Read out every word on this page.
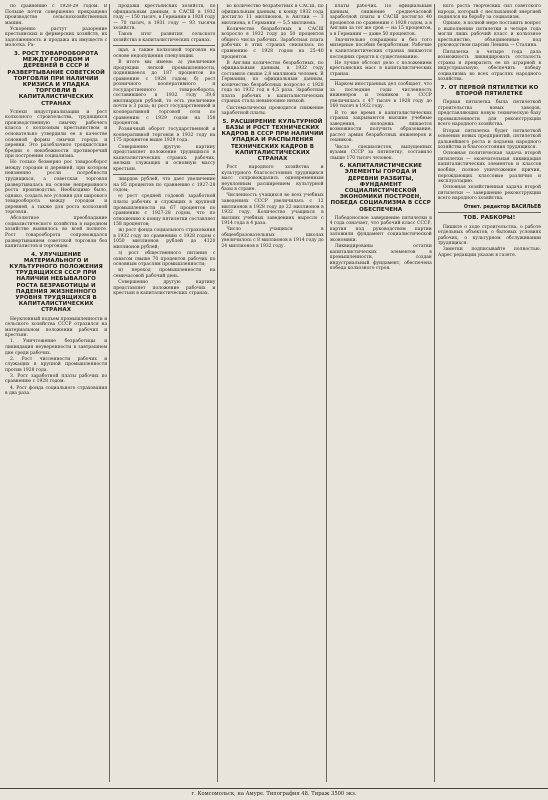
по сравнению с 1928-29 годом. В Польше почти совершенно прекращено производство сельскохозяйственных машин.

Ускоренно растут разорение крестьянских и фермерских хозяйств, их задолженность и продажа их имуществ с молотка. Ра-

3. РОСТ ТОВАРООБОРОТА МЕЖДУ ГОРОДОМ И ДЕРЕВНЕЙ В СССР И РАЗВЕРТЫВАНИЕ СОВЕТСКОЙ ТОРГОВЛИ ПРИ НАЛИЧИИ КРИЗИСА И УПАДКА ТОРГОВЛИ В КАПИТАЛИСТИЧЕСКИХ СТРАНАХ

Успехи индустриализации и рост колхозного строительства, трудящихся производственную смычку рабочего класса с колхозным крестьянством и основательно утвердили ее в качестве основной формы смычки города и деревни. Это разоблачило троцкистские бредни о неизбежности противоречий при построении социализма.

Но только безмерно рос товарооборот между городом и деревней, при котором неизменно росли потребности трудящихся, а советская торговля развертывалась на основе непрерывного роста производства. Необходимо было, однако, создать все условия для широкого товарооборота между городом и деревней, а также для роста колхозной торговли.

Абсолютное преобладание социалистического хозяйства в народном хозяйстве выявилось во всей полноте. Рост товарооборота сопровождался развертыванием советской торговли без капиталистов и торговцев.

4. УЛУЧШЕНИЕ МАТЕРИАЛЬНОГО И КУЛЬТУРНОГО ПОЛОЖЕНИЯ ТРУДЯЩИХСЯ СССР ПРИ НАЛИЧИИ НЕБЫВАЛОГО РОСТА БЕЗРАБОТИЦЫ И ПАДЕНИЯ ЖИЗНЕННОГО УРОВНЯ ТРУДЯЩИХСЯ В КАПИТАЛИСТИЧЕСКИХ СТРАНАХ

Неуклонный подъем промышленности и сельского хозяйства СССР отразился на материальном положении рабочих и крестьян.

1. Уничтожение безработицы и ликвидация неуверенности в завтрашнем дне среди рабочих.

2. Рост численности рабочих и служащих в крупной промышленности против 1928 года.

3. Рост заработной платы рабочих по сравнению с 1928 годом.

4. Рост фонда социального страхования в два раза.

продажи крестьянских хозяйств, по официальным данным, в САСШ в 1932 году — 150 тысяч, в Германии в 1928 году — 70 тысяч, в 1931 году — 93 тысячи хозяйств.

Таков итог развития сельского хозяйства в капиталистических странах.

щая, а также колхозной торговли на основе недопущения спекуляции.

В итоге мы имеем: а) увеличение продукции легкой промышленности, поднявшееся до 187 процентов по сравнению с 1928 годом; б) рост розничного кооперативного и государственного товарооборота, составившего в 1932 году 39,6 миллиардов рублей, то есть увеличение почти в 3 раза; в) рост государственной и кооперативной торговой сети по сравнению с 1929 годом на 158 процентов.

Розничный оборот государственной и кооперативной торговли в 1932 году на 175 процентов выше 1929 года.

Совершенно другую картину представляет положение трудящихся в капиталистических странах: рабочих, мелких служащих и основную массу крестьян.

лиардов рублей, что дает увеличение на 85 процентов по сравнению с 1927-28 годом;

е) рост средней годовой заработной платы рабочих и служащих в крупной промышленности на 67 процентов по сравнению с 1927-28 годом, что по отношению к концу пятилетки составляет 158 процентов;

ж) рост фонда социального страхования в 1932 году по сравнению с 1928 годом с 1050 миллионов рублей до 4120 миллионов рублей;

з) рост общественного питания с охватом свыше 70 процентов рабочих по основным отраслям промышленности;

и) переход промышленности на семичасовой рабочий день.

Совершенно другую картину представляет положение рабочих и крестьян в капиталистических странах.

во количество безработных в САСШ, по официальным данным, к концу 1932 года достигло 11 миллионов, в Англии — 3 миллиона, в Германии — 5,5 миллиона.

Количество безработных в САСШ возросло в 1932 году до 50 процентов общего числа рабочих. Заработная плата рабочих в этих странах снизилась по сравнению с 1928 годом на 25–40 процентов.

В Англии количество безработных, по официальным данным, в 1932 году составило свыше 2,8 миллиона человек. В Германии, по официальным данным, количество безработных возросло с 1928 года по 1932 год в 4,5 раза. Заработная плата рабочих в капиталистических странах стала невыносимо низкой.

Систематически проводится снижение заработной платы.

5. РАСШИРЕНИЕ КУЛЬТУРНОЙ БАЗЫ И РОСТ ТЕХНИЧЕСКИХ КАДРОВ В СССР ПРИ НАЛИЧИИ УПАДКА И РАСПЫЛЕНИЯ ТЕХНИЧЕСКИХ КАДРОВ В КАПИТАЛИСТИЧЕСКИХ СТРАНАХ

Рост народного хозяйства и культурного благосостояния трудящихся масс сопровождались одновременным неуклонным расширением культурной базы в стране.

Численность учащихся во всех учебных заведениях СССР увеличилась с 12 миллионов в 1928 году до 22 миллионов в 1932 году. Количество учащихся в высших учебных заведениях выросло с 1914 года в 4 раза.

Число учащихся в общеобразовательных школах увеличилось с 8 миллионов в 1914 году до 24 миллионов в 1932 году.

платы рабочих. По официальным данным, снижение среднечасовой заработной платы в САСШ достигло 40 процентов по сравнению с 1928 годом, а в Англии за тот же срок — на 15 процентов, а в Германии — даже 50 процентов.

Значительно сокращены и без того мизерные пособия безработным. Рабочие в капиталистических странах лишаются последних средств к существованию.

Не лучше обстоит дело с положением крестьянских масс в капиталистических странах.

Нарком иностранных дел сообщает, что за последние годы численность инженеров и техников в СССР увеличилась с 47 тысяч в 1928 году до 160 тысяч в 1932 году.

В то же время в капиталистических странах закрываются высшие учебные заведения, молодежь лишается возможности получить образование, растет армия безработных инженеров и техников.

Число специалистов, выпущенных вузами СССР за пятилетку, составило свыше 170 тысяч человек.

6. КАПИТАЛИСТИЧЕСКИЕ ЭЛЕМЕНТЫ ГОРОДА И ДЕРЕВНИ РАЗБИТЫ, ФУНДАМЕНТ СОЦИАЛИСТИЧЕСКОЙ ЭКОНОМИКИ ПОСТРОЕН, ПОБЕДА СОЦИАЛИЗМА В СССР ОБЕСПЕЧЕНА

Победоносное завершение пятилетки в 4 года означает, что рабочий класс СССР, партия под руководством партии заложили фундамент социалистической экономики.

Ликвидированы остатки капиталистических элементов в промышленности, создан индустриальный фундамент, обеспечена победа колхозного строя.

ного роста творческих сил советского народа, который с неслыханной энергией поднялся на борьбу за социализм.

Однако, в полной мере поставить вопрос о выполнении пятилетки в четыре года могли лишь рабочий класс и колхозное крестьянство, объединенные под руководством партии Ленина — Сталина.

Пятилетка в четыре года дала возможность ликвидировать отсталость страны и превратить ее из аграрной в индустриальную, обеспечить победу социализма во всех отраслях народного хозяйства.

7. ОТ ПЕРВОЙ ПЯТИЛЕТКИ КО ВТОРОЙ ПЯТИЛЕТКЕ

Первая пятилетка была пятилеткой строительства новых заводов, представляющих новую техническую базу промышленности для реконструкции всего народного хозяйства.

Вторая пятилетка будет пятилеткой освоения новых предприятий, пятилеткой дальнейшего роста и подъема народного хозяйства и благосостояния трудящихся.

Основная политическая задача второй пятилетки — окончательная ликвидация капиталистических элементов и классов вообще, полное уничтожение причин, порождающих классовые различия и эксплуатацию.

Основная хозяйственная задача второй пятилетки — завершение реконструкции всего народного хозяйства.

Ответ. редактор ВАСИЛЬЕВ
ТОВ. РАБКОРЫ!

Пишите о ходе строительства, о работе отдельных объектов, о бытовых условиях рабочих, о культурном обслуживании трудящихся.

Заметки подписывайте полностью. Адрес редакции указан в газете.

г. Комсомольск, на Амуре. Типография 48. Тираж 3500 экз.
